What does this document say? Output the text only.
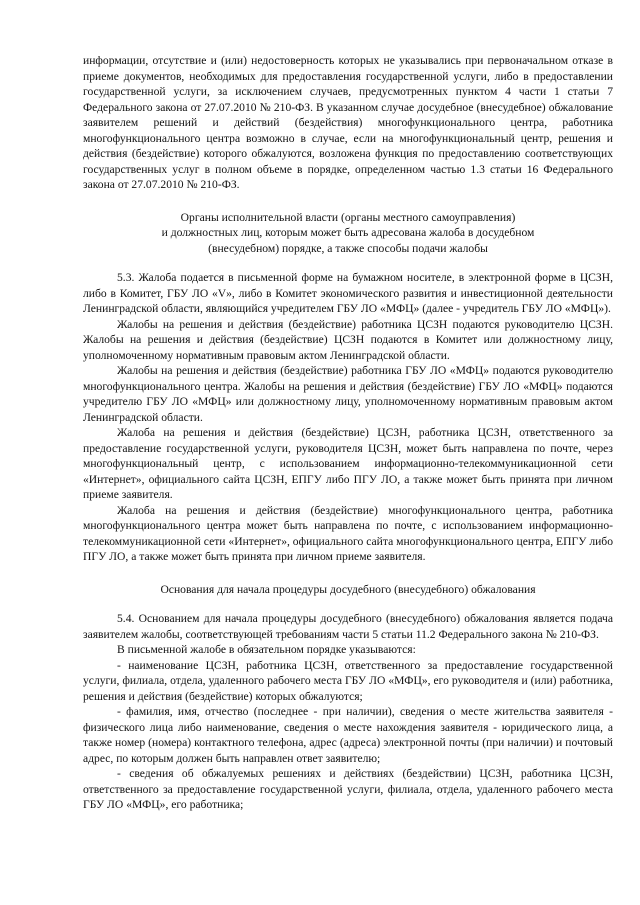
информации, отсутствие и (или) недостоверность которых не указывались при первоначальном отказе в приеме документов, необходимых для предоставления государственной услуги, либо в предоставлении государственной услуги, за исключением случаев, предусмотренных пунктом 4 части 1 статьи 7 Федерального закона от 27.07.2010 № 210-ФЗ. В указанном случае досудебное (внесудебное) обжалование заявителем решений и действий (бездействия) многофункционального центра, работника многофункционального центра возможно в случае, если на многофункциональный центр, решения и действия (бездействие) которого обжалуются, возложена функция по предоставлению соответствующих государственных услуг в полном объеме в порядке, определенном частью 1.3 статьи 16 Федерального закона от 27.07.2010 № 210-ФЗ.

Органы исполнительной власти (органы местного самоуправления)

и должностных лиц, которым может быть адресована жалоба в досудебном

(внесудебном) порядке, а также способы подачи жалобы

5.3. Жалоба подается в письменной форме на бумажном носителе, в электронной форме в ЦСЗН, либо в Комитет, ГБУ ЛО «V», либо в Комитет экономического развития и инвестиционной деятельности Ленинградской области, являющийся учредителем ГБУ ЛО «МФЦ» (далее - учредитель ГБУ ЛО «МФЦ»).

Жалобы на решения и действия (бездействие) работника ЦСЗН подаются руководителю ЦСЗН. Жалобы на решения и действия (бездействие) ЦСЗН подаются в Комитет или должностному лицу, уполномоченному нормативным правовым актом Ленинградской области.

Жалобы на решения и действия (бездействие) работника ГБУ ЛО «МФЦ» подаются руководителю многофункционального центра. Жалобы на решения и действия (бездействие) ГБУ ЛО «МФЦ» подаются учредителю ГБУ ЛО «МФЦ» или должностному лицу, уполномоченному нормативным правовым актом Ленинградской области.

Жалоба на решения и действия (бездействие) ЦСЗН, работника ЦСЗН, ответственного за предоставление государственной услуги, руководителя ЦСЗН, может быть направлена по почте, через многофункциональный центр, с использованием информационно-телекоммуникационной сети «Интернет», официального сайта ЦСЗН, ЕПГУ либо ПГУ ЛО, а также может быть принята при личном приеме заявителя.

Жалоба на решения и действия (бездействие) многофункционального центра, работника многофункционального центра может быть направлена по почте, с использованием информационно-телекоммуникационной сети «Интернет», официального сайта многофункционального центра, ЕПГУ либо ПГУ ЛО, а также может быть принята при личном приеме заявителя.

Основания для начала процедуры досудебного (внесудебного) обжалования

5.4. Основанием для начала процедуры досудебного (внесудебного) обжалования является подача заявителем жалобы, соответствующей требованиям части 5 статьи 11.2 Федерального закона № 210-ФЗ.

В письменной жалобе в обязательном порядке указываются:

- наименование ЦСЗН, работника ЦСЗН, ответственного за предоставление государственной услуги, филиала, отдела, удаленного рабочего места ГБУ ЛО «МФЦ», его руководителя и (или) работника, решения и действия (бездействие) которых обжалуются;

- фамилия, имя, отчество (последнее - при наличии), сведения о месте жительства заявителя - физического лица либо наименование, сведения о месте нахождения заявителя - юридического лица, а также номер (номера) контактного телефона, адрес (адреса) электронной почты (при наличии) и почтовый адрес, по которым должен быть направлен ответ заявителю;

- сведения об обжалуемых решениях и действиях (бездействии) ЦСЗН, работника ЦСЗН, ответственного за предоставление государственной услуги, филиала, отдела, удаленного рабочего места ГБУ ЛО «МФЦ», его работника;
